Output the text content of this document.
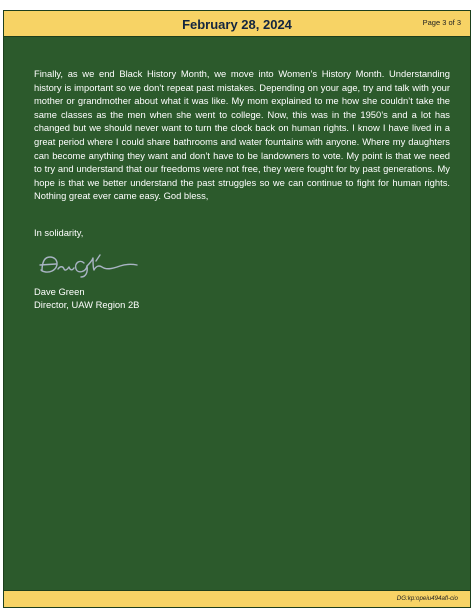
February 28, 2024	Page 3 of 3

Finally, as we end Black History Month, we move into Women’s History Month. Understanding history is important so we don’t repeat past mistakes. Depending on your age, try and talk with your mother or grandmother about what it was like. My mom explained to me how she couldn’t take the same classes as the men when she went to college. Now, this was in the 1950’s and a lot has changed but we should never want to turn the clock back on human rights. I know I have lived in a great period where I could share bathrooms and water fountains with anyone. Where my daughters can become anything they want and don’t have to be landowners to vote. My point is that we need to try and understand that our freedoms were not free, they were fought for by past generations. My hope is that we better understand the past struggles so we can continue to fight for human rights. Nothing great ever came easy. God bless,

In solidarity,

Dave Green
Director, UAW Region 2B
DG:kp:opeiu494afl-cio
